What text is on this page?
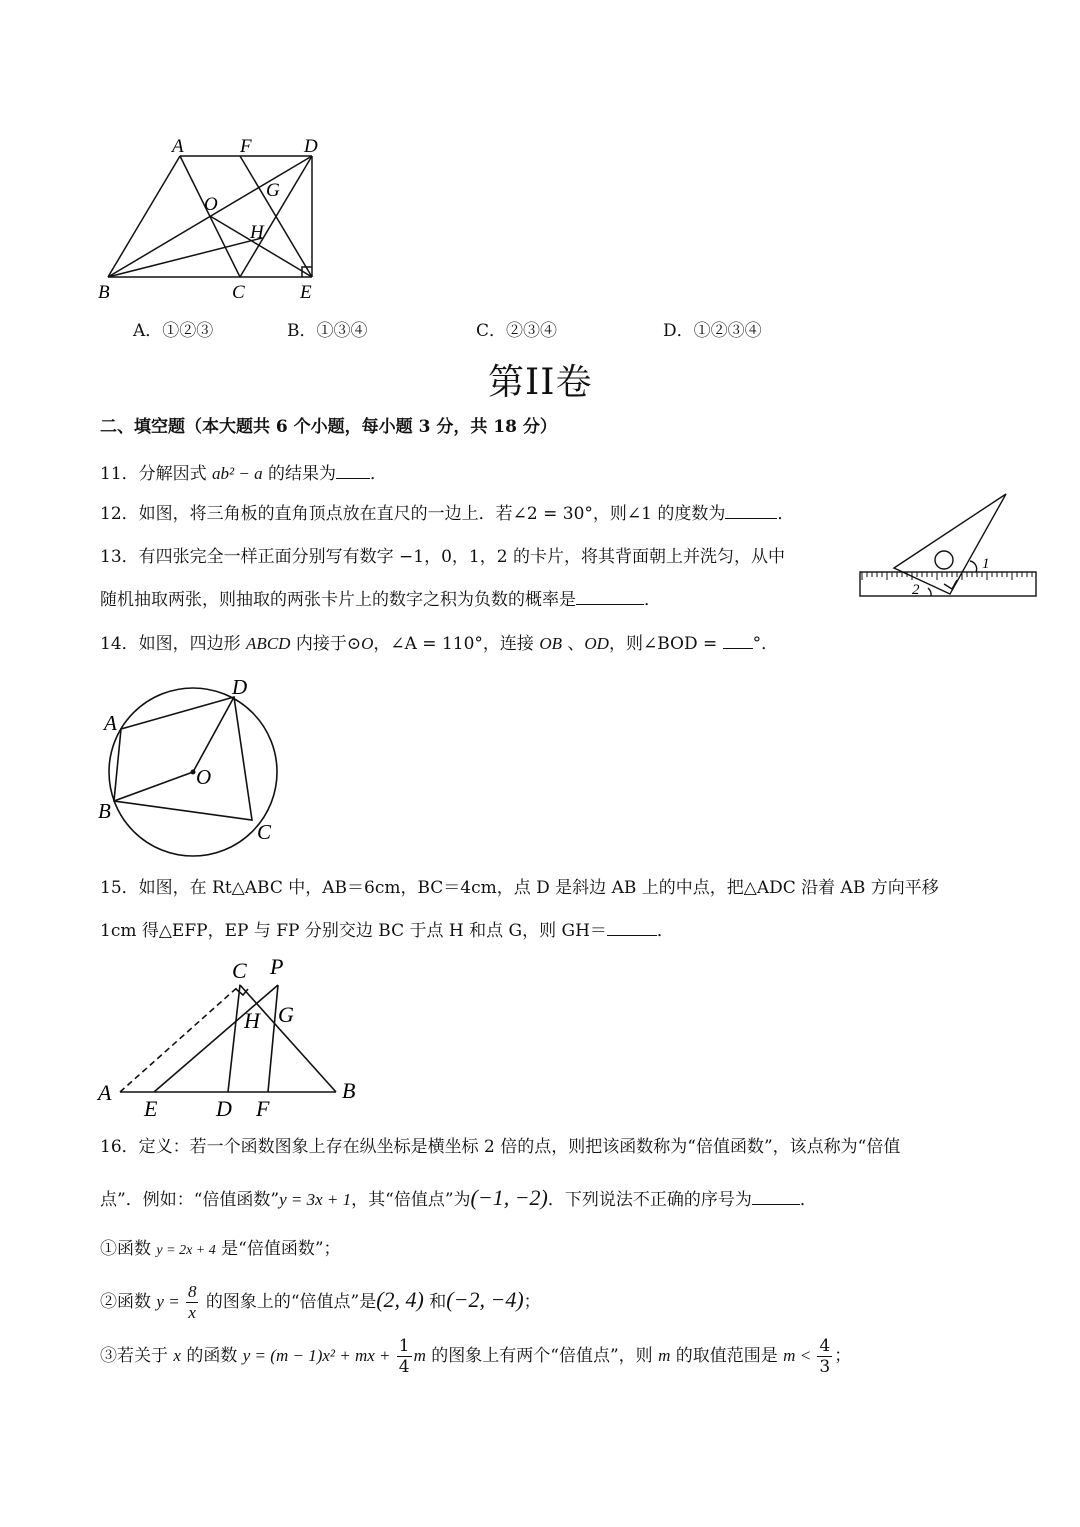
A	F	D
G
O
H
B	C	E
A．①②③	B．①③④	C．②③④	D．①②③④
第II卷
二、填空题（本大题共 6 个小题，每小题 3 分，共 18 分）
11．分解因式 ab² − a 的结果为 ．
12．如图，将三角板的直角顶点放在直尺的一边上．若∠2 = 30°，则∠1 的度数为	．
13．有四张完全一样正面分别写有数字 −1，0，1，2 的卡片，将其背面朝上并洗匀，从中
随机抽取两张，则抽取的两张卡片上的数字之积为负数的概率是	．
1
2
14．如图，四边形 ABCD 内接于⊙O，∠A = 110°，连接 OB 、OD，则∠BOD = °．
A
D
O
B
C
15．如图，在 Rt△ABC 中，AB＝6cm，BC＝4cm，点 D 是斜边 AB 上的中点，把△ADC 沿着 AB 方向平移
1cm 得△EFP，EP 与 FP 分别交边 BC 于点 H 和点 G，则 GH＝	．
C P
H G
A	B
E	D F
16．定义：若一个函数图象上存在纵坐标是横坐标 2 倍的点，则把该函数称为“倍值函数”，该点称为“倍值
点”．例如：“倍值函数”y = 3x + 1，其“倍值点”为(−1, −2)．下列说法不正确的序号为	．
①函数 y = 2x + 4 是“倍值函数”；
②函数 $y = \frac{8}{x}$ 的图象上的“倍值点”是(2, 4) 和(−2, −4)；
③若关于 x 的函数 y = (m − 1)x² + mx + $\frac{1}{4}$ m 的图象上有两个“倍值点”，则 m 的取值范围是 $m < \frac{4}{3}$ ；
